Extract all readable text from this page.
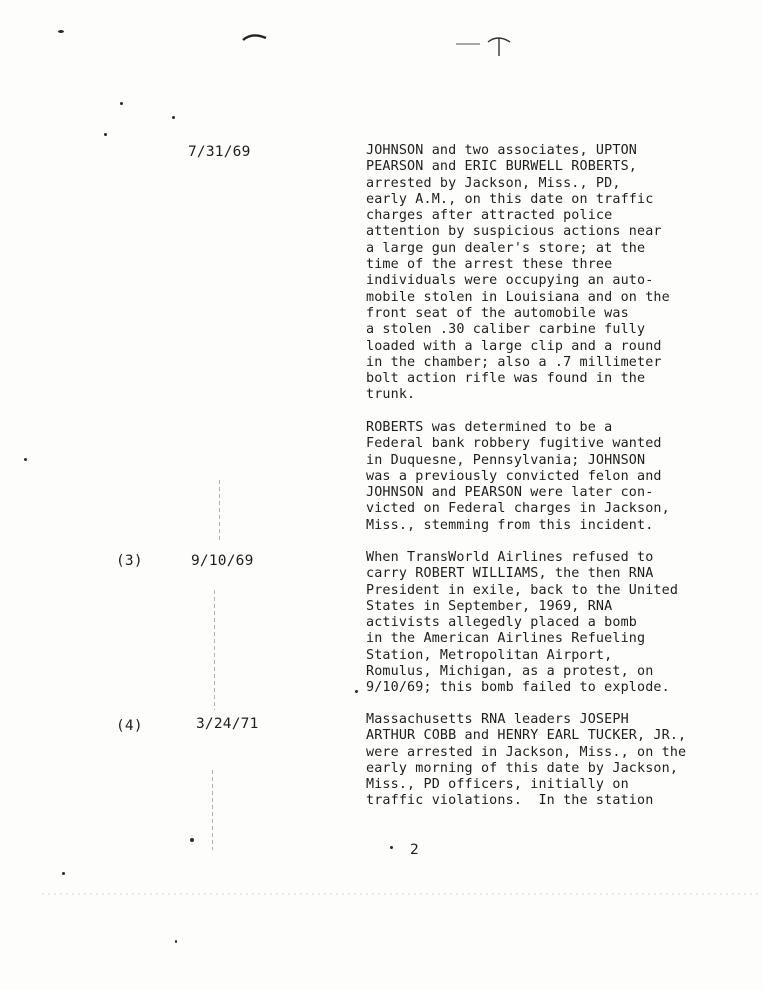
7/31/69	JOHNSON and two associates, UPTON
PEARSON and ERIC BURWELL ROBERTS,
arrested by Jackson, Miss., PD,
early A.M., on this date on traffic
charges after attracted police
attention by suspicious actions near
a large gun dealer's store; at the
time of the arrest these three
individuals were occupying an auto-
mobile stolen in Louisiana and on the
front seat of the automobile was
a stolen .30 caliber carbine fully
loaded with a large clip and a round
in the chamber; also a .7 millimeter
bolt action rifle was found in the
trunk.

ROBERTS was determined to be a
Federal bank robbery fugitive wanted
in Duquesne, Pennsylvania; JOHNSON
was a previously convicted felon and
JOHNSON and PEARSON were later con-
victed on Federal charges in Jackson,
Miss., stemming from this incident.

(3)	9/10/69	When TransWorld Airlines refused to
carry ROBERT WILLIAMS, the then RNA
President in exile, back to the United
States in September, 1969, RNA
activists allegedly placed a bomb
in the American Airlines Refueling
Station, Metropolitan Airport,
Romulus, Michigan, as a protest, on
9/10/69; this bomb failed to explode.

(4)	3/24/71	Massachusetts RNA leaders JOSEPH
ARTHUR COBB and HENRY EARL TUCKER, JR.,
were arrested in Jackson, Miss., on the
early morning of this date by Jackson,
Miss., PD officers, initially on
traffic violations.  In the station

2
